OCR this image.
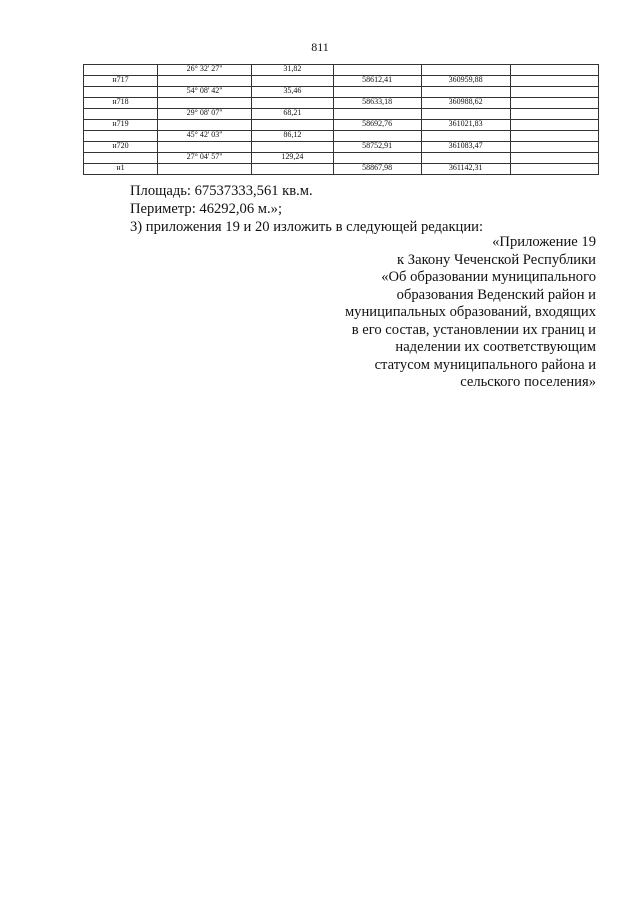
811
	26° 32' 27"	31,82			
н717			58612,41	360959,88	
	54° 08' 42"	35,46			
н718			58633,18	360988,62	
	29° 08' 07"	68,21			
н719			58692,76	361021,83	
	45° 42' 03"	86,12			
н720			58752,91	361083,47	
	27° 04' 57"	129,24			
н1			58867,98	361142,31	
Площадь: 67537333,561 кв.м.
Периметр: 46292,06 м.»;
3) приложения 19 и 20 изложить в следующей редакции:
«Приложение 19
к Закону Чеченской Республики
«Об образовании муниципального
образования Веденский район и
муниципальных образований, входящих
в его состав, установлении их границ и
наделении их соответствующим
статусом муниципального района и
сельского поселения»
